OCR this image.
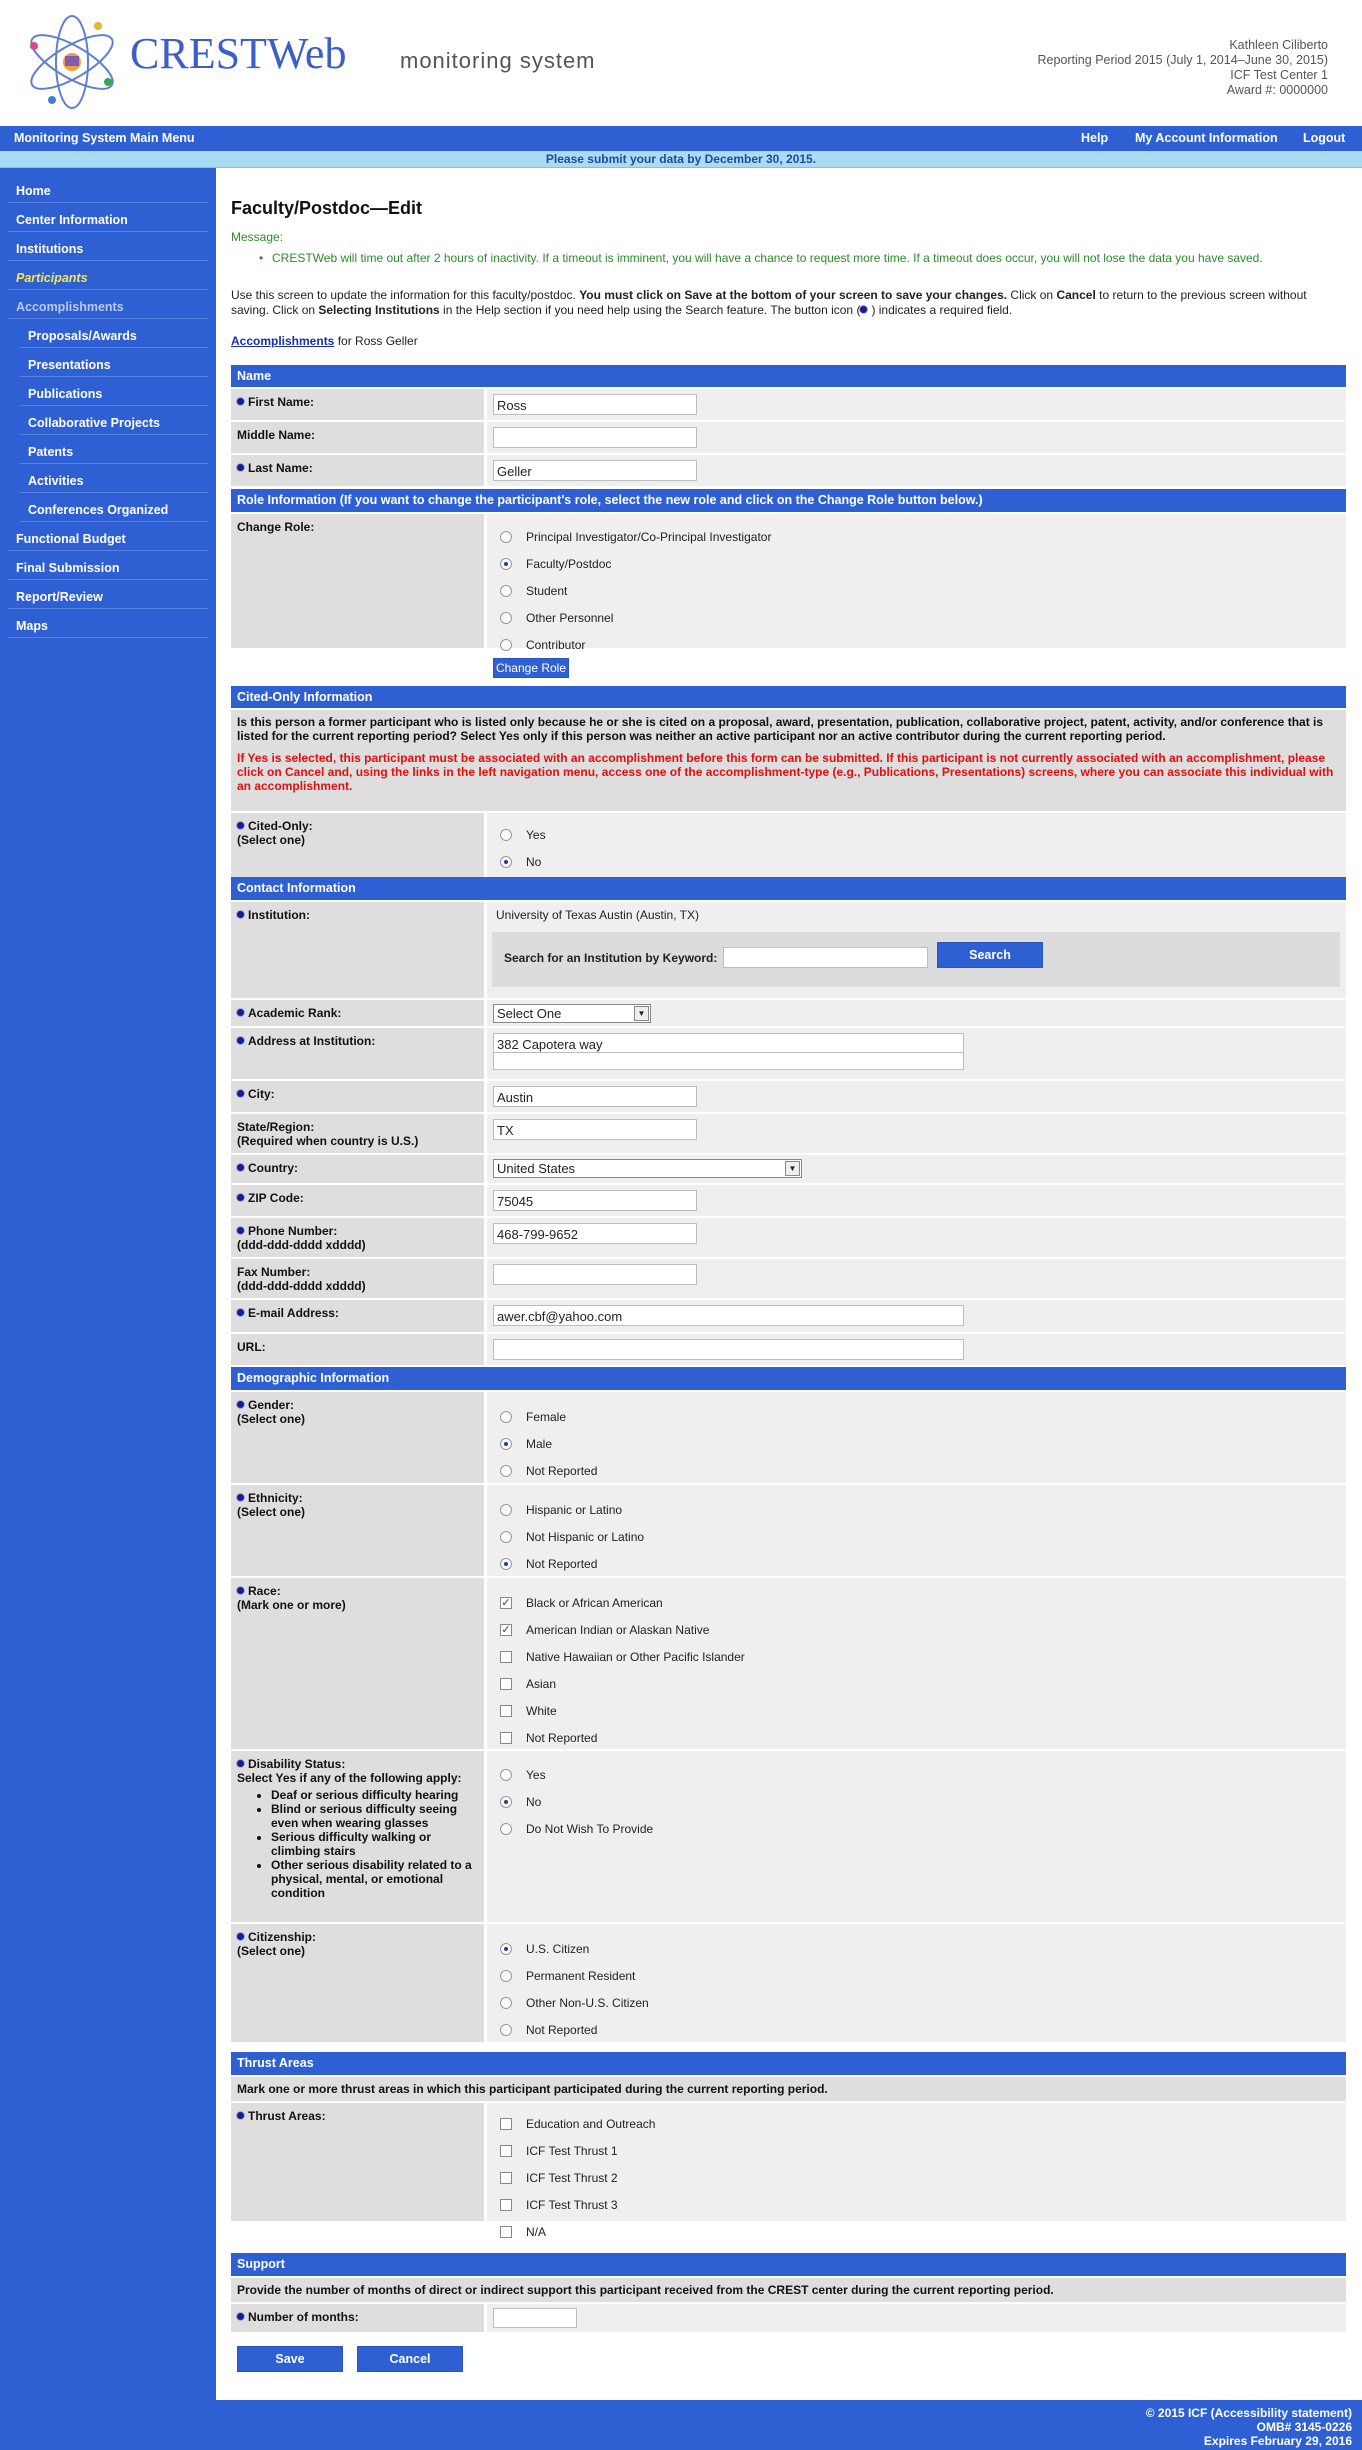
CRESTWeb monitoring system
Kathleen Ciliberto
Reporting Period 2015 (July 1, 2014–June 30, 2015)
ICF Test Center 1
Award #: 0000000
Monitoring System Main Menu	Help My Account Information Logout
Please submit your data by December 30, 2015.
Home
Center Information
Institutions
Participants
Accomplishments
Proposals/Awards
Presentations
Publications
Collaborative Projects
Patents
Activities
Conferences Organized
Functional Budget
Final Submission
Report/Review
Maps
Faculty/Postdoc—Edit
Message:
• CRESTWeb will time out after 2 hours of inactivity. If a timeout is imminent, you will have a chance to request more time. If a timeout does occur, you will not lose the data you have saved.
Use this screen to update the information for this faculty/postdoc. You must click on Save at the bottom of your screen to save your changes. Click on Cancel to return to the previous screen without saving. Click on Selecting Institutions in the Help section if you need help using the Search feature. The button icon ( ) indicates a required field.
Accomplishments for Ross Geller
Name
First Name:	Ross
Middle Name:
Last Name:	Geller
Role Information (If you want to change the participant's role, select the new role and click on the Change Role button below.)
Change Role:
Principal Investigator/Co-Principal Investigator
Faculty/Postdoc
Student
Other Personnel
Contributor
Change Role
Cited-Only Information
Is this person a former participant who is listed only because he or she is cited on a proposal, award, presentation, publication, collaborative project, patent, activity, and/or conference that is listed for the current reporting period? Select Yes only if this person was neither an active participant nor an active contributor during the current reporting period.
If Yes is selected, this participant must be associated with an accomplishment before this form can be submitted. If this participant is not currently associated with an accomplishment, please click on Cancel and, using the links in the left navigation menu, access one of the accomplishment-type (e.g., Publications, Presentations) screens, where you can associate this individual with an accomplishment.
Cited-Only:
(Select one)	Yes
No
Contact Information
Institution:	University of Texas Austin (Austin, TX)
Search for an Institution by Keyword:	Search
Academic Rank:	Select One	▼
Address at Institution:	382 Capotera way
City:	Austin
State/Region:
(Required when country is U.S.)
TX
Country:	United States	▼
ZIP Code:	75045
Phone Number:
(ddd-ddd-dddd xdddd)
468-799-9652
Fax Number:
(ddd-ddd-dddd xdddd)
E-mail Address:	awer.cbf@yahoo.com
URL:
Demographic Information
Gender:
(Select one)	Female
Male
Not Reported
Ethnicity:
(Select one)	Hispanic or Latino
Not Hispanic or Latino
Not Reported
Race:
(Mark one or more)	✓ Black or African American
✓ American Indian or Alaskan Native
Native Hawaiian or Other Pacific Islander
Asian
White
Not Reported
Disability Status:
Select Yes if any of the following apply:
• Deaf or serious difficulty hearing
• Blind or serious difficulty seeing even when wearing glasses
• Serious difficulty walking or climbing stairs
• Other serious disability related to a physical, mental, or emotional condition
Yes
No
Do Not Wish To Provide
Citizenship:
(Select one)	U.S. Citizen
Permanent Resident
Other Non-U.S. Citizen
Not Reported
Thrust Areas
Mark one or more thrust areas in which this participant participated during the current reporting period.
Thrust Areas:
Education and Outreach
ICF Test Thrust 1
ICF Test Thrust 2
ICF Test Thrust 3
N/A
Support
Provide the number of months of direct or indirect support this participant received from the CREST center during the current reporting period.
Number of months:
Save	Cancel
© 2015 ICF (Accessibility statement)
OMB# 3145-0226
Expires February 29, 2016
